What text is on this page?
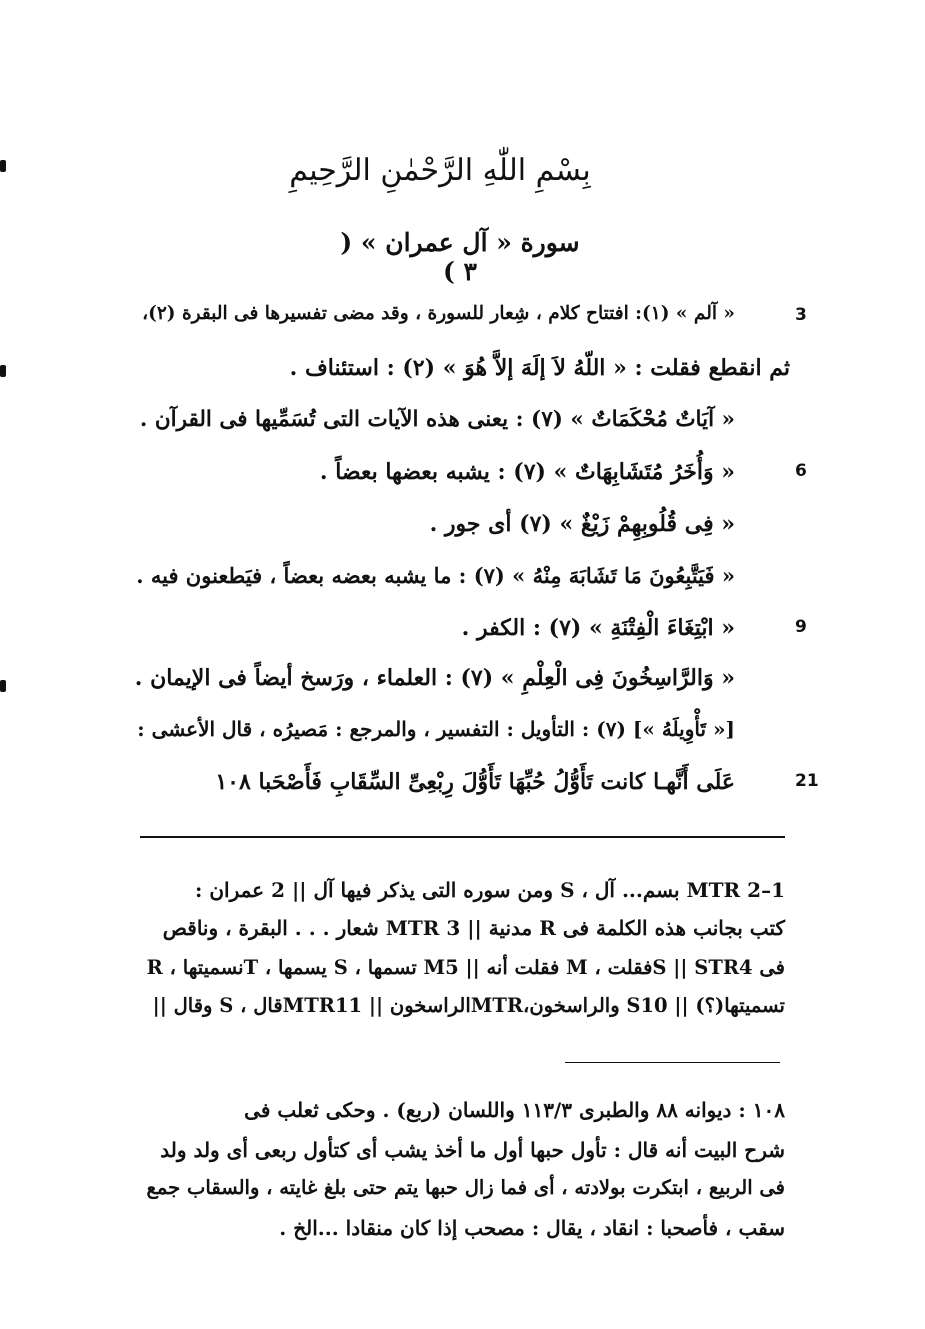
بِسْمِ اللّٰهِ الرَّحْمٰنِ الرَّحِيمِ
سورة « آل عمران » ( ٣ )
« آلم » (١): افتتاح كلام ، شِعار للسورة ، وقد مضى تفسيرها فى البقرة (٢)،	3
ثم انقطع فقلت : « اللّهُ لاَ إلَهَ إلاَّ هُوَ » (٢) : استئناف .
« آيَاتٌ مُحْكَمَاتٌ » (٧) : يعنى هذه الآيات التى تُسَمِّيها فى القرآن .
« وَأُخَرُ مُتَشَابِهَاتٌ » (٧) : يشبه بعضها بعضاً .	6
« فِى قُلُوبِهِمْ زَيْغٌ » (٧) أى جور .
« فَيَتَّبِعُونَ مَا تَشَابَهَ مِنْهُ » (٧) : ما يشبه بعضه بعضاً ، فيَطعنون فيه .
« ابْتِغَاءَ الْفِتْنَةِ » (٧) : الكفر .	9
« وَالرَّاسِخُونَ فِى الْعِلْمِ » (٧) : العلماء ، ورَسخ أيضاً فى الإيمان .
[« تَأْوِيلَهُ »] (٧) : التأويل : التفسير ، والمرجع : مَصيرُه ، قال الأعشى :
عَلَى أَنَّهـا كانت تَأَوُّلُ حُبِّهَا تَأَوُّلَ رِبْعِىِّ السِّقَابِ فَأَصْحَبا ١٠٨	21
1–2 MTR بسم... آل ، S ومن سوره التى يذكر فيها آل || 2 عمران :
كتب بجانب هذه الكلمة فى R مدنية || 3 MTR شعار . . . البقرة ، وناقص
فى S || STR4فقلت ، M فقلت أنه || M5 تسمها ، S يسمها ، Tنسميتها ، R
تسميتها(؟) || S10 والراسخون،MTRالراسخون || MTR11قال ، S وقال ||
١٠٨ : ديوانه ٨٨ والطبرى ١١٣/٣ واللسان (ربع) . وحكى ثعلب فى
شرح البيت أنه قال : تأول حبها أول ما أخذ يشب أى كتأول ربعى أى ولد ولد
فى الربيع ، ابتكرت بولادته ، أى فما زال حبها يتم حتى بلغ غايته ، والسقاب جمع
سقب ، فأصحبا : انقاد ، يقال : مصحب إذا كان منقادا ...الخ .
